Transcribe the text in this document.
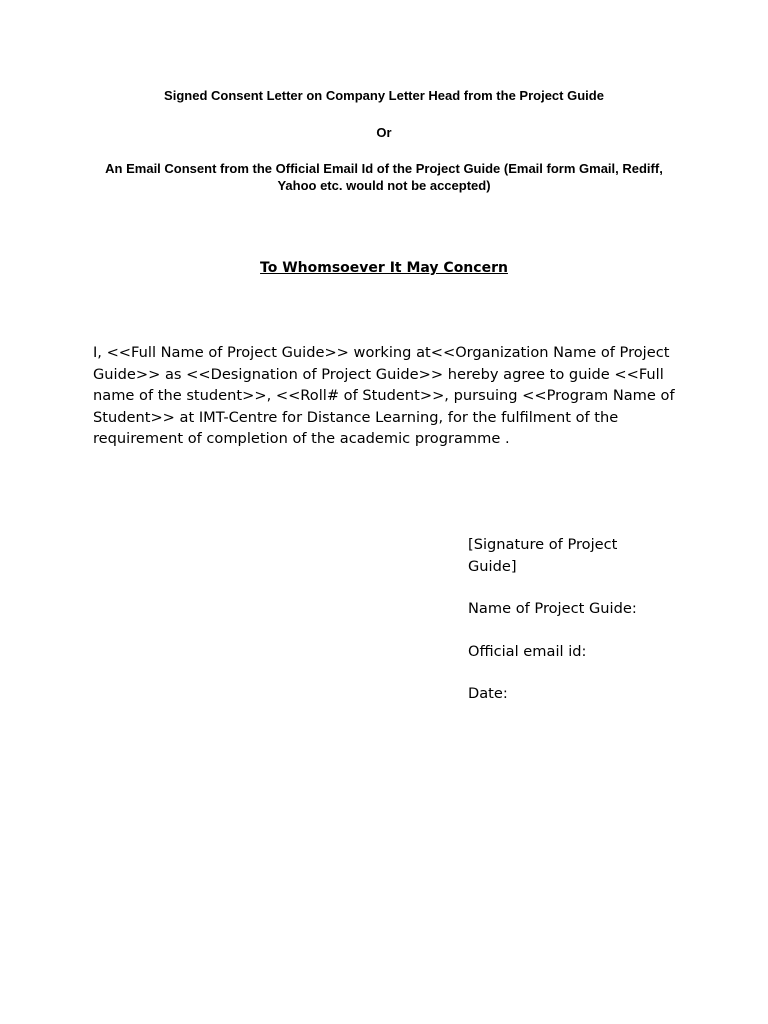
Signed Consent Letter on Company Letter Head from the Project Guide
Or
An Email Consent from the Official Email Id of the Project Guide (Email form Gmail, Rediff, Yahoo etc. would not be accepted)
To Whomsoever It May Concern

I, <<Full Name of Project Guide>> working at<<Organization Name of Project Guide>> as <<Designation of Project Guide>> hereby agree to guide <<Full name of the student>>, <<Roll# of Student>>, pursuing <<Program Name of Student>> at IMT-Centre for Distance Learning, for the fulfilment of the requirement of completion of the academic programme .

[Signature of Project Guide]

Name of Project Guide:

Official email id:

Date:
